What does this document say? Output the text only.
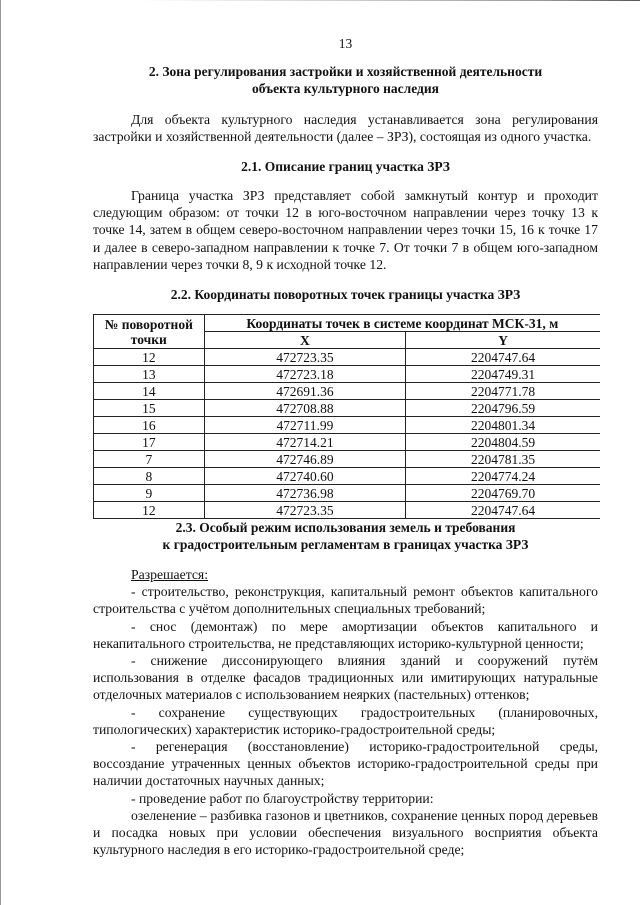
13
2. Зона регулирования застройки и хозяйственной деятельности
объекта культурного наследия
Для объекта культурного наследия устанавливается зона регулирования застройки и хозяйственной деятельности (далее – ЗРЗ), состоящая из одного участка.
2.1. Описание границ участка ЗРЗ
Граница участка ЗРЗ представляет собой замкнутый контур и проходит следующим образом: от точки 12 в юго-восточном направлении через точку 13 к точке 14, затем в общем северо-восточном направлении через точки 15, 16 к точке 17 и далее в северо-западном направлении к точке 7. От точки 7 в общем юго-западном направлении через точки 8, 9 к исходной точке 12.
2.2. Координаты поворотных точек границы участка ЗРЗ
№ поворотной точки	Координаты точек в системе координат МСК-31, м	
	X	Y
12	472723.35	2204747.64
13	472723.18	2204749.31
14	472691.36	2204771.78
15	472708.88	2204796.59
16	472711.99	2204801.34
17	472714.21	2204804.59
7	472746.89	2204781.35
8	472740.60	2204774.24
9	472736.98	2204769.70
12	472723.35	2204747.64
2.3. Особый режим использования земель и требования
к градостроительным регламентам в границах участка ЗРЗ
Разрешается:
- строительство, реконструкция, капитальный ремонт объектов капитального строительства с учётом дополнительных специальных требований;
- снос (демонтаж) по мере амортизации объектов капитального и некапитального строительства, не представляющих историко-культурной ценности;
- снижение диссонирующего влияния зданий и сооружений путём использования в отделке фасадов традиционных или имитирующих натуральные отделочных материалов с использованием неярких (пастельных) оттенков;
- сохранение существующих градостроительных (планировочных, типологических) характеристик историко-градостроительной среды;
- регенерация (восстановление) историко-градостроительной среды, воссоздание утраченных ценных объектов историко-градостроительной среды при наличии достаточных научных данных;
- проведение работ по благоустройству территории:
озеленение – разбивка газонов и цветников, сохранение ценных пород деревьев и посадка новых при условии обеспечения визуального восприятия объекта культурного наследия в его историко-градостроительной среде;
